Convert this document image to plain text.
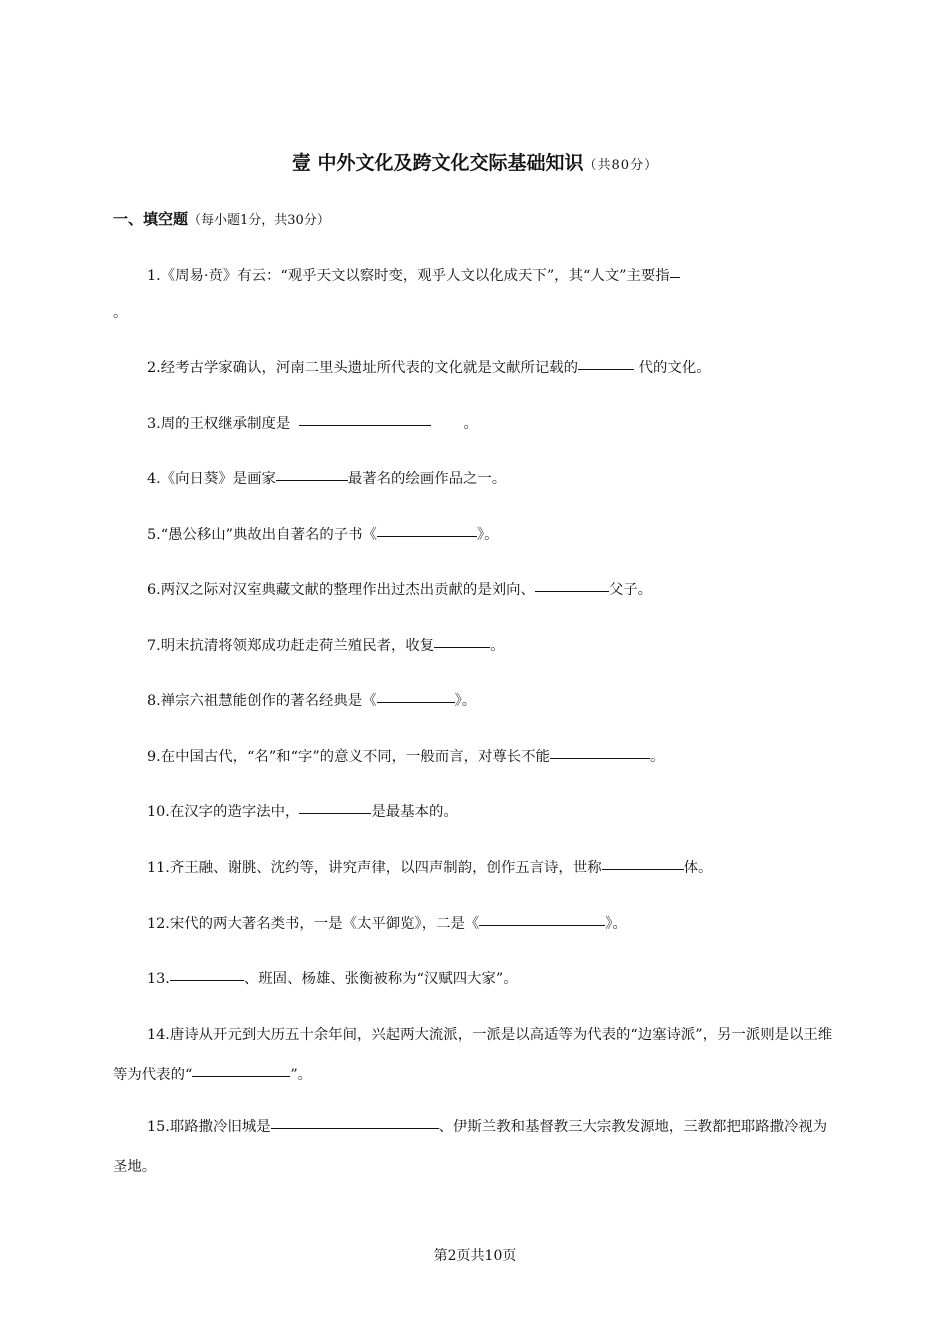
壹 中外文化及跨文化交际基础知识（共80分）
一、填空题（每小题1分，共30分）
1.《周易·贲》有云：“观乎天文以察时变，观乎人文以化成天下”，其“人文”主要指
。
2.经考古学家确认，河南二里头遗址所代表的文化就是文献所记载的	代的文化。
3.周的王权继承制度是	。
4.《向日葵》是画家	最著名的绘画作品之一。
5.“愚公移山”典故出自著名的子书《	》。
6.两汉之际对汉室典藏文献的整理作出过杰出贡献的是刘向、	父子。
7.明末抗清将领郑成功赶走荷兰殖民者，收复	。
8.禅宗六祖慧能创作的著名经典是《	》。
9.在中国古代，“名”和“字”的意义不同，一般而言，对尊长不能	。
10.在汉字的造字法中，	是最基本的。
11.齐王融、谢朓、沈约等，讲究声律，以四声制韵，创作五言诗，世称	体。
12.宋代的两大著名类书，一是《太平御览》，二是《	》。
13.	、班固、杨雄、张衡被称为“汉赋四大家”。
14.唐诗从开元到大历五十余年间，兴起两大流派，一派是以高适等为代表的“边塞诗派”，另一派则是以王维等为代表的“	”。
15.耶路撒冷旧城是	、伊斯兰教和基督教三大宗教发源地，三教都把耶路撒冷视为圣地。
第2页共10页
